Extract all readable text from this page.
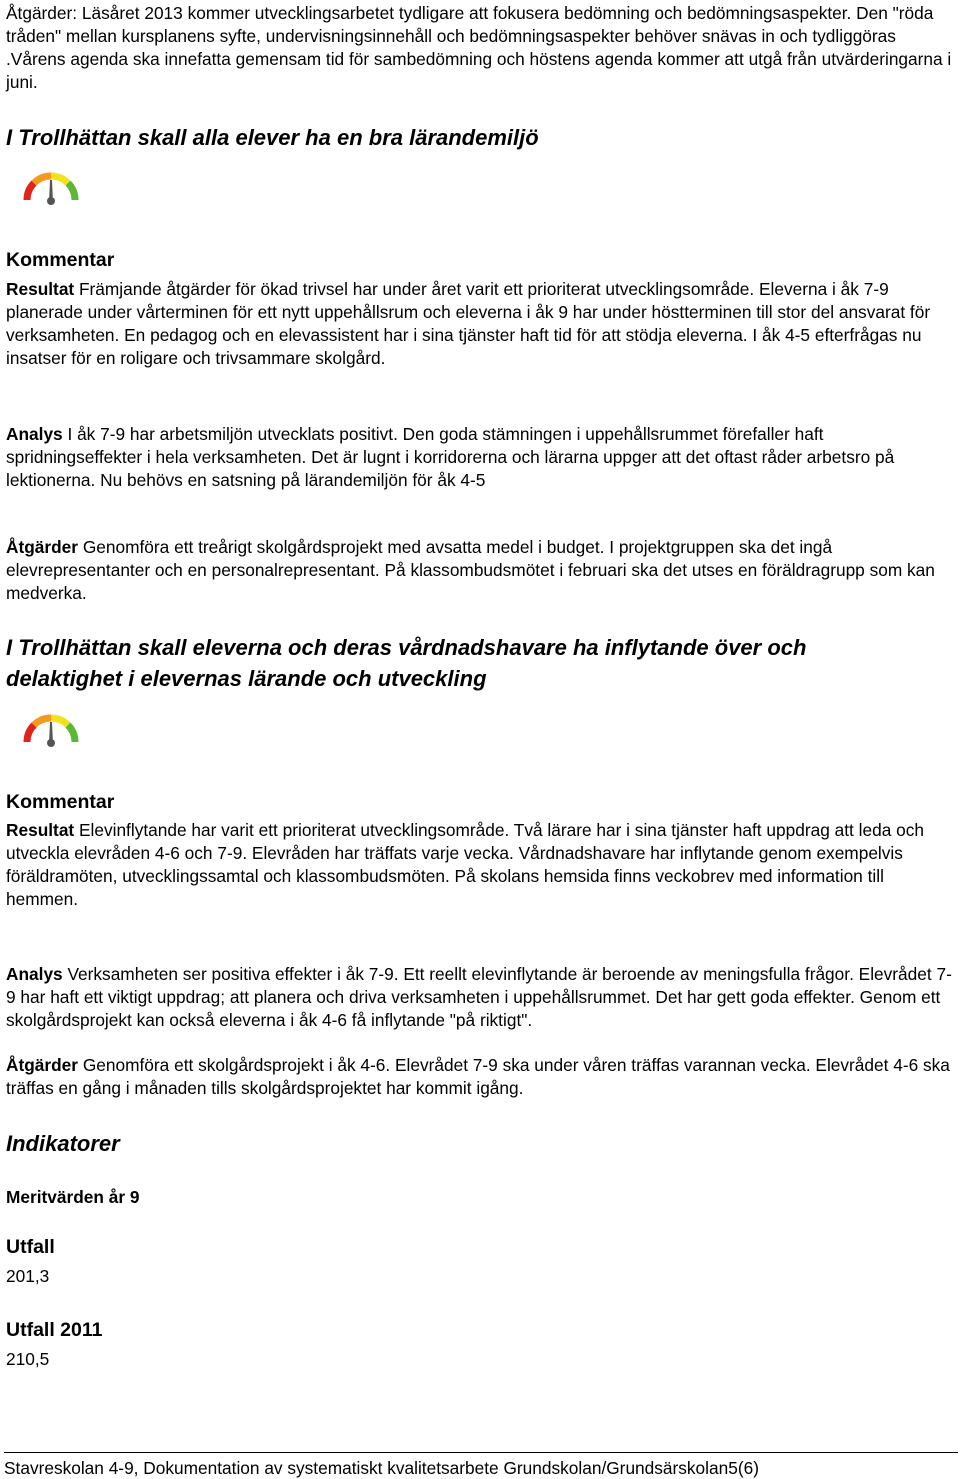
Åtgärder: Läsåret 2013 kommer utvecklingsarbetet tydligare att fokusera bedömning och bedömningsaspekter. Den "röda tråden" mellan kursplanens syfte, undervisningsinnehåll och bedömningsaspekter behöver snävas in och tydliggöras .Vårens agenda ska innefatta gemensam tid för sambedömning och höstens agenda kommer att utgå från utvärderingarna i juni.

I Trollhättan skall alla elever ha en bra lärandemiljö
Kommentar

Resultat Främjande åtgärder för ökad trivsel har under året varit ett prioriterat utvecklingsområde. Eleverna i åk 7-9 planerade under vårterminen för ett nytt uppehållsrum och eleverna i åk 9 har under höstterminen till stor del ansvarat för verksamheten. En pedagog och en elevassistent har i sina tjänster haft tid för att stödja eleverna. I åk 4-5 efterfrågas nu insatser för en roligare och trivsammare skolgård.

Analys I åk 7-9 har arbetsmiljön utvecklats positivt. Den goda stämningen i uppehållsrummet förefaller haft spridningseffekter i hela verksamheten. Det är lugnt i korridorerna och lärarna uppger att det oftast råder arbetsro på lektionerna. Nu behövs en satsning på lärandemiljön för åk 4-5

Åtgärder Genomföra ett treårigt skolgårdsprojekt med avsatta medel i budget. I projektgruppen ska det ingå elevrepresentanter och en personalrepresentant. På klassombudsmötet i februari ska det utses en föräldragrupp som kan medverka.

I Trollhättan skall eleverna och deras vårdnadshavare ha inflytande över och delaktighet i elevernas lärande och utveckling
Kommentar

Resultat Elevinflytande har varit ett prioriterat utvecklingsområde. Två lärare har i sina tjänster haft uppdrag att leda och utveckla elevråden 4-6 och 7-9. Elevråden har träffats varje vecka. Vårdnadshavare har inflytande genom exempelvis föräldramöten, utvecklingssamtal och klassombudsmöten. På skolans hemsida finns veckobrev med information till hemmen.

Analys Verksamheten ser positiva effekter i åk 7-9. Ett reellt elevinflytande är beroende av meningsfulla frågor. Elevrådet 7-9 har haft ett viktigt uppdrag; att planera och driva verksamheten i uppehållsrummet. Det har gett goda effekter. Genom ett skolgårdsprojekt kan också eleverna i åk 4-6 få inflytande "på riktigt".

Åtgärder Genomföra ett skolgårdsprojekt i åk 4-6. Elevrådet 7-9 ska under våren träffas varannan vecka. Elevrådet 4-6 ska träffas en gång i månaden tills skolgårdsprojektet har kommit igång.

Indikatorer
Meritvärden år 9
Utfall

201,3

Utfall 2011

210,5

Stavreskolan 4-9, Dokumentation av systematiskt kvalitetsarbete Grundskolan/Grundsärskolan5(6)
